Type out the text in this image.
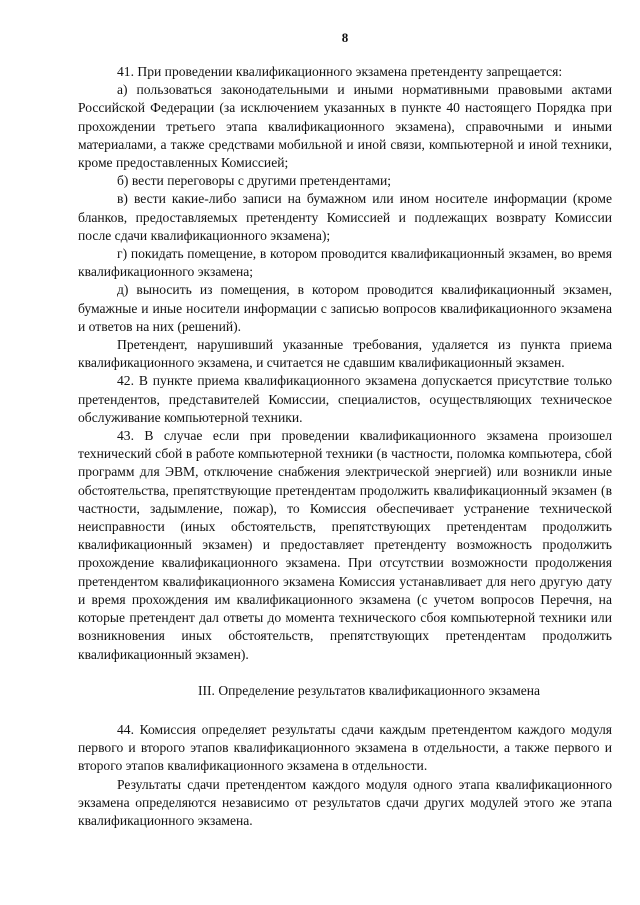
8

41. При проведении квалификационного экзамена претенденту запрещается:

а) пользоваться законодательными и иными нормативными правовыми актами Российской Федерации (за исключением указанных в пункте 40 настоящего Порядка при прохождении третьего этапа квалификационного экзамена), справочными и иными материалами, а также средствами мобильной и иной связи, компьютерной и иной техники, кроме предоставленных Комиссией;

б) вести переговоры с другими претендентами;

в) вести какие-либо записи на бумажном или ином носителе информации (кроме бланков, предоставляемых претенденту Комиссией и подлежащих возврату Комиссии после сдачи квалификационного экзамена);

г) покидать помещение, в котором проводится квалификационный экзамен, во время квалификационного экзамена;

д) выносить из помещения, в котором проводится квалификационный экзамен, бумажные и иные носители информации с записью вопросов квалификационного экзамена и ответов на них (решений).

Претендент, нарушивший указанные требования, удаляется из пункта приема квалификационного экзамена, и считается не сдавшим квалификационный экзамен.

42. В пункте приема квалификационного экзамена допускается присутствие только претендентов, представителей Комиссии, специалистов, осуществляющих техническое обслуживание компьютерной техники.

43. В случае если при проведении квалификационного экзамена произошел технический сбой в работе компьютерной техники (в частности, поломка компьютера, сбой программ для ЭВМ, отключение снабжения электрической энергией) или возникли иные обстоятельства, препятствующие претендентам продолжить квалификационный экзамен (в частности, задымление, пожар), то Комиссия обеспечивает устранение технической неисправности (иных обстоятельств, препятствующих претендентам продолжить квалификационный экзамен) и предоставляет претенденту возможность продолжить прохождение квалификационного экзамена. При отсутствии возможности продолжения претендентом квалификационного экзамена Комиссия устанавливает для него другую дату и время прохождения им квалификационного экзамена (с учетом вопросов Перечня, на которые претендент дал ответы до момента технического сбоя компьютерной техники или возникновения иных обстоятельств, препятствующих претендентам продолжить квалификационный экзамен).

III. Определение результатов квалификационного экзамена

44. Комиссия определяет результаты сдачи каждым претендентом каждого модуля первого и второго этапов квалификационного экзамена в отдельности, а также первого и второго этапов квалификационного экзамена в отдельности.

Результаты сдачи претендентом каждого модуля одного этапа квалификационного экзамена определяются независимо от результатов сдачи других модулей этого же этапа квалификационного экзамена.
